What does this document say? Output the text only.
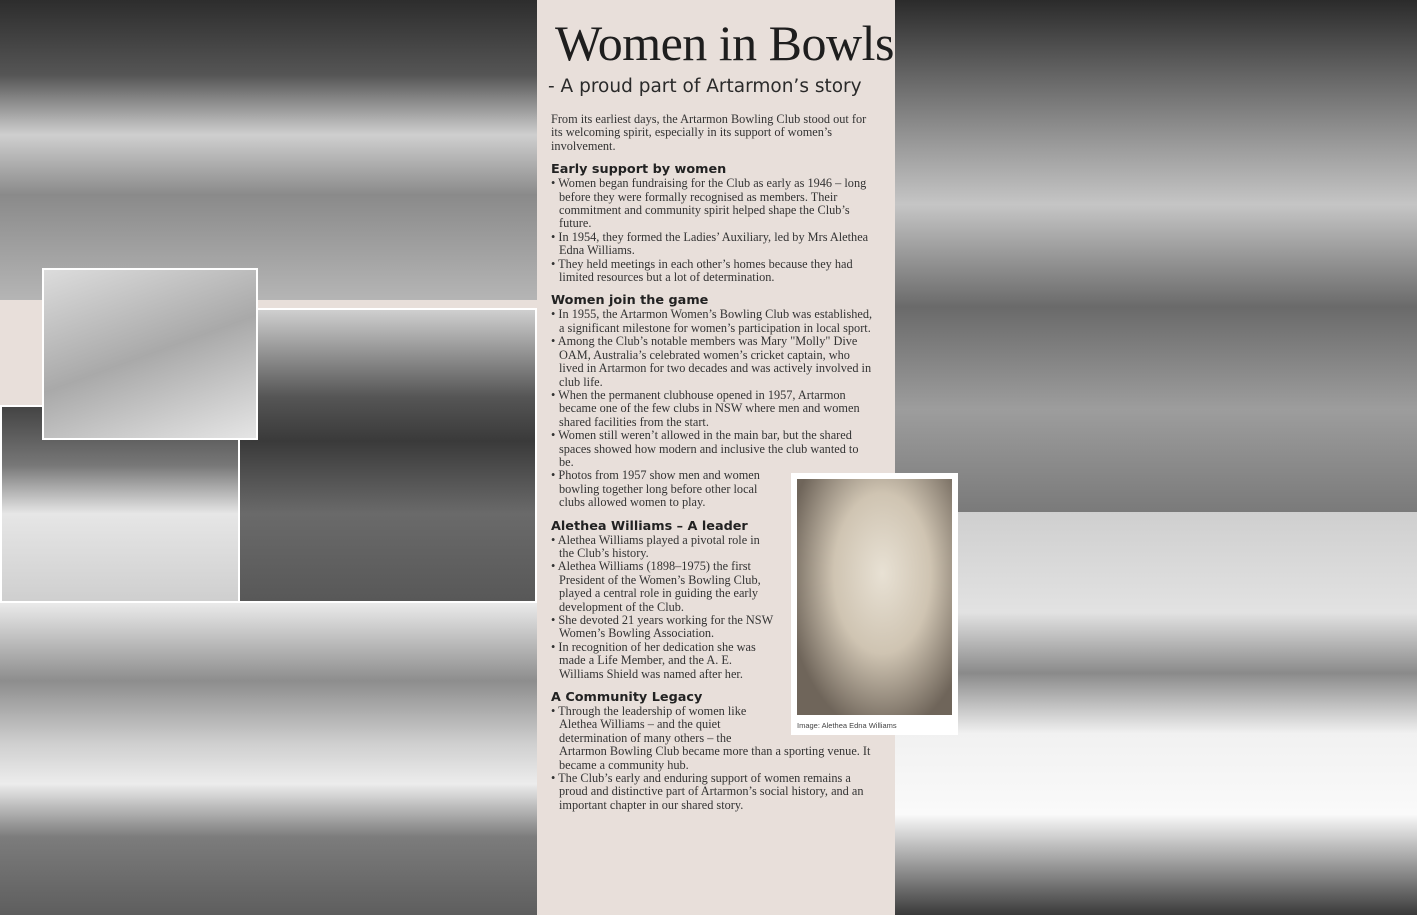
Women in Bowls
- A proud part of Artarmon’s story

From its earliest days, the Artarmon Bowling Club stood out for its welcoming spirit, especially in its support of women’s involvement.

Early support by women
• Women began fundraising for the Club as early as 1946 – long before they were formally recognised as members. Their commitment and community spirit helped shape the Club’s future.
• In 1954, they formed the Ladies’ Auxiliary, led by Mrs Alethea Edna Williams.
• They held meetings in each other’s homes because they had limited resources but a lot of determination.
Women join the game
• In 1955, the Artarmon Women’s Bowling Club was established, a significant milestone for women’s participation in local sport.
• Among the Club’s notable members was Mary "Molly" Dive OAM, Australia’s celebrated women’s cricket captain, who lived in Artarmon for two decades and was actively involved in club life.
• When the permanent clubhouse opened in 1957, Artarmon became one of the few clubs in NSW where men and women shared facilities from the start.
• Women still weren’t allowed in the main bar, but the shared spaces showed how modern and inclusive the club wanted to be.
Image: Alethea Edna Williams
• Photos from 1957 show men and women bowling together long before other local clubs allowed women to play.
Alethea Williams – A leader
• Alethea Williams played a pivotal role in the Club’s history.
• Alethea Williams (1898–1975) the first President of the Women’s Bowling Club, played a central role in guiding the early development of the Club.
• She devoted 21 years working for the NSW Women’s Bowling Association.
• In recognition of her dedication she was made a Life Member, and the A. E. Williams Shield was named after her.
A Community Legacy
• Through the leadership of women like Alethea Williams – and the quiet determination of many others – the Artarmon Bowling Club became more than a sporting venue. It became a community hub.
• The Club’s early and enduring support of women remains a proud and distinctive part of Artarmon’s social history, and an important chapter in our shared story.
